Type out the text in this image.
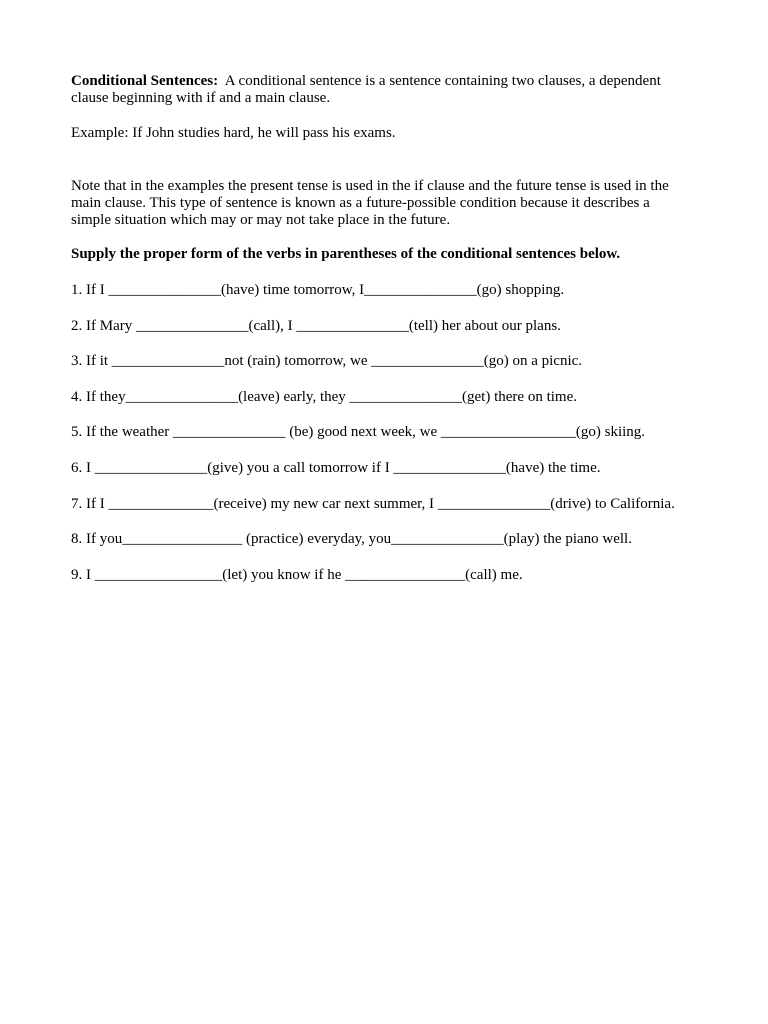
Conditional Sentences: A conditional sentence is a sentence containing two clauses, a dependent clause beginning with if and a main clause.

Example: If John studies hard, he will pass his exams.

Note that in the examples the present tense is used in the if clause and the future tense is used in the main clause. This type of sentence is known as a future-possible condition because it describes a simple situation which may or may not take place in the future.

Supply the proper form of the verbs in parentheses of the conditional sentences below.

1. If I _______________(have) time tomorrow, I_______________(go) shopping.
2. If Mary _______________(call), I _______________(tell) her about our plans.
3. If it _______________not (rain) tomorrow, we _______________(go) on a picnic.
4. If they_______________(leave) early, they _______________(get) there on time.
5. If the weather _______________ (be) good next week, we __________________(go) skiing.
6. I _______________(give) you a call tomorrow if I _______________(have) the time.
7. If I ______________(receive) my new car next summer, I _______________(drive) to California.
8. If you________________ (practice) everyday, you_______________(play) the piano well.
9. I _________________(let) you know if he ________________(call) me.
